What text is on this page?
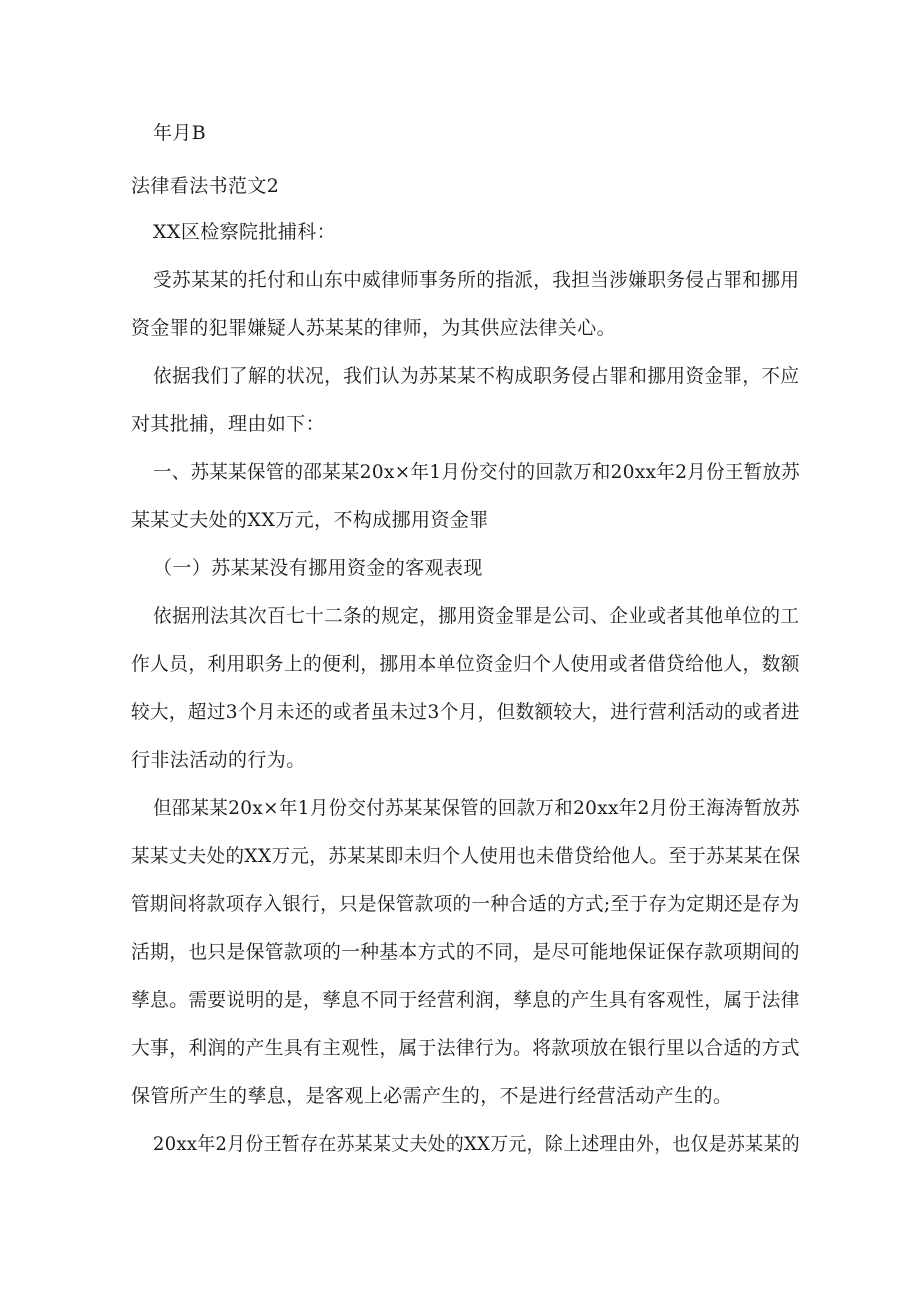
年月B
法律看法书范文2
XX区检察院批捕科：
受苏某某的托付和山东中威律师事务所的指派，我担当涉嫌职务侵占罪和挪用
资金罪的犯罪嫌疑人苏某某的律师，为其供应法律关心。
依据我们了解的状况，我们认为苏某某不构成职务侵占罪和挪用资金罪，不应
对其批捕，理由如下：
一、苏某某保管的邵某某20x×年1月份交付的回款万和20xx年2月份王暂放苏
某某丈夫处的XX万元，不构成挪用资金罪
（一）苏某某没有挪用资金的客观表现
依据刑法其次百七十二条的规定，挪用资金罪是公司、企业或者其他单位的工
作人员，利用职务上的便利，挪用本单位资金归个人使用或者借贷给他人，数额
较大，超过3个月未还的或者虽未过3个月，但数额较大，进行营利活动的或者进
行非法活动的行为。
但邵某某20x×年1月份交付苏某某保管的回款万和20xx年2月份王海涛暂放苏
某某丈夫处的XX万元，苏某某即未归个人使用也未借贷给他人。至于苏某某在保
管期间将款项存入银行，只是保管款项的一种合适的方式;至于存为定期还是存为
活期，也只是保管款项的一种基本方式的不同，是尽可能地保证保存款项期间的
孳息。需要说明的是，孳息不同于经营利润，孳息的产生具有客观性，属于法律
大事，利润的产生具有主观性，属于法律行为。将款项放在银行里以合适的方式
保管所产生的孳息，是客观上必需产生的，不是进行经营活动产生的。
20xx年2月份王暂存在苏某某丈夫处的XX万元，除上述理由外，也仅是苏某某的
